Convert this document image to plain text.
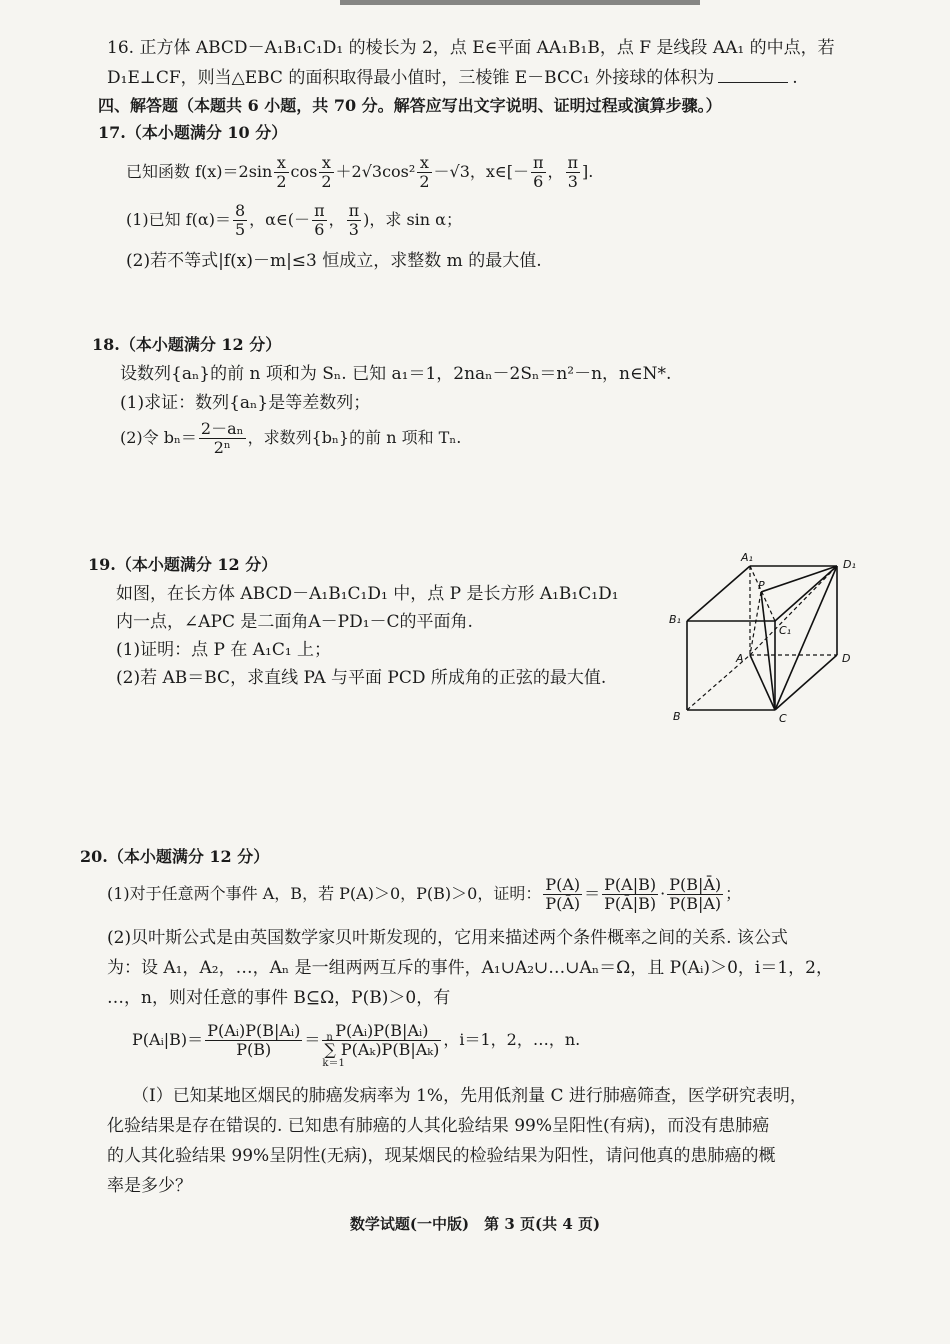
16. 正方体 ABCD－A₁B₁C₁D₁ 的棱长为 2，点 E∈平面 AA₁B₁B，点 F 是线段 AA₁ 的中点，若
D₁E⊥CF，则当△EBC 的面积取得最小值时，三棱锥 E－BCC₁ 外接球的体积为	.
四、解答题（本题共 6 小题，共 70 分。解答应写出文字说明、证明过程或演算步骤。）
17.（本小题满分 10 分）
已知函数 $f(x)=2\sin \frac{x}{2}$ $\cos \frac{x}{2} +2√3\cos^2 \frac{x}{2} -√3$，x∈[－ $\frac{\pi}{6}$ ， $\frac{\pi}{3}$ ].
(1)已知 $f(\alpha)= \frac{8}{5}$ ，α∈(－ $\frac{\pi}{6}$ ， $\frac{\pi}{3}$ )，求 sin α；
(2)若不等式|f(x)－m|≤3 恒成立，求整数 m 的最大值.
18.（本小题满分 12 分）
设数列{aₙ}的前 n 项和为 Sₙ. 已知 a₁＝1，2naₙ－2Sₙ＝n²－n，n∈N*.
(1)求证：数列{aₙ}是等差数列；
(2)令 $b_n= \frac{\text{2－aₙ}}{\text{2ⁿ}}$ ，求数列{bₙ}的前 n 项和 Tₙ.
19.（本小题满分 12 分）
如图，在长方体 ABCD－A₁B₁C₁D₁ 中，点 P 是长方形 A₁B₁C₁D₁
内一点，∠APC 是二面角A－PD₁－C的平面角.
(1)证明：点 P 在 A₁C₁ 上；
(2)若 AB＝BC，求直线 PA 与平面 PCD 所成角的正弦的最大值.
A₁
D₁
B₁
C₁
P
A	D
B	C
20.（本小题满分 12 分）
(1)对于任意两个事件 A，B，若 P(A)＞0，P(B)＞0，证明： $\frac{P(A)}{P(Ā)} = \frac{P(A|B)}{P(Ā|B)} \cdot \frac{P(B|Ā)}{P(B|A)}$ ；
(2)贝叶斯公式是由英国数学家贝叶斯发现的，它用来描述两个条件概率之间的关系. 该公式
为：设 A₁，A₂，…，Aₙ 是一组两两互斥的事件，A₁∪A₂∪…∪Aₙ＝Ω，且 P(Aᵢ)＞0，i＝1，2，
…，n，则对任意的事件 B⊆Ω，P(B)＞0，有
P(Aᵢ|B)＝ $\frac{\text{P(Aᵢ)P(B|Aᵢ)}}{P(B)}$ ＝ P(Aᵢ)P(B|Aᵢ)
∑ P(Aₖ)P(B|Aₖ)
n
k＝1 ，i＝1，2，…，n.
（Ⅰ）已知某地区烟民的肺癌发病率为 1%，先用低剂量 C 进行肺癌筛查，医学研究表明，
化验结果是存在错误的. 已知患有肺癌的人其化验结果 99%呈阳性(有病)，而没有患肺癌
的人其化验结果 99%呈阴性(无病)，现某烟民的检验结果为阳性，请问他真的患肺癌的概
率是多少？
数学试题(一中版)　第 3 页(共 4 页)
